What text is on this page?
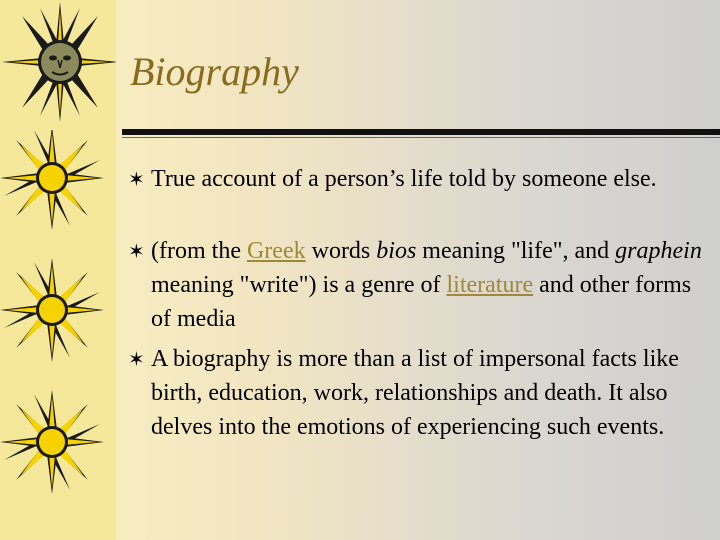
Biography
✶ True account of a person’s life told by someone else.
✶ (from the Greek words bios meaning "life", and graphein meaning "write") is a genre of literature and other forms of media
✶ A biography is more than a list of impersonal facts like birth, education, work, relationships and death. It also delves into the emotions of experiencing such events.
